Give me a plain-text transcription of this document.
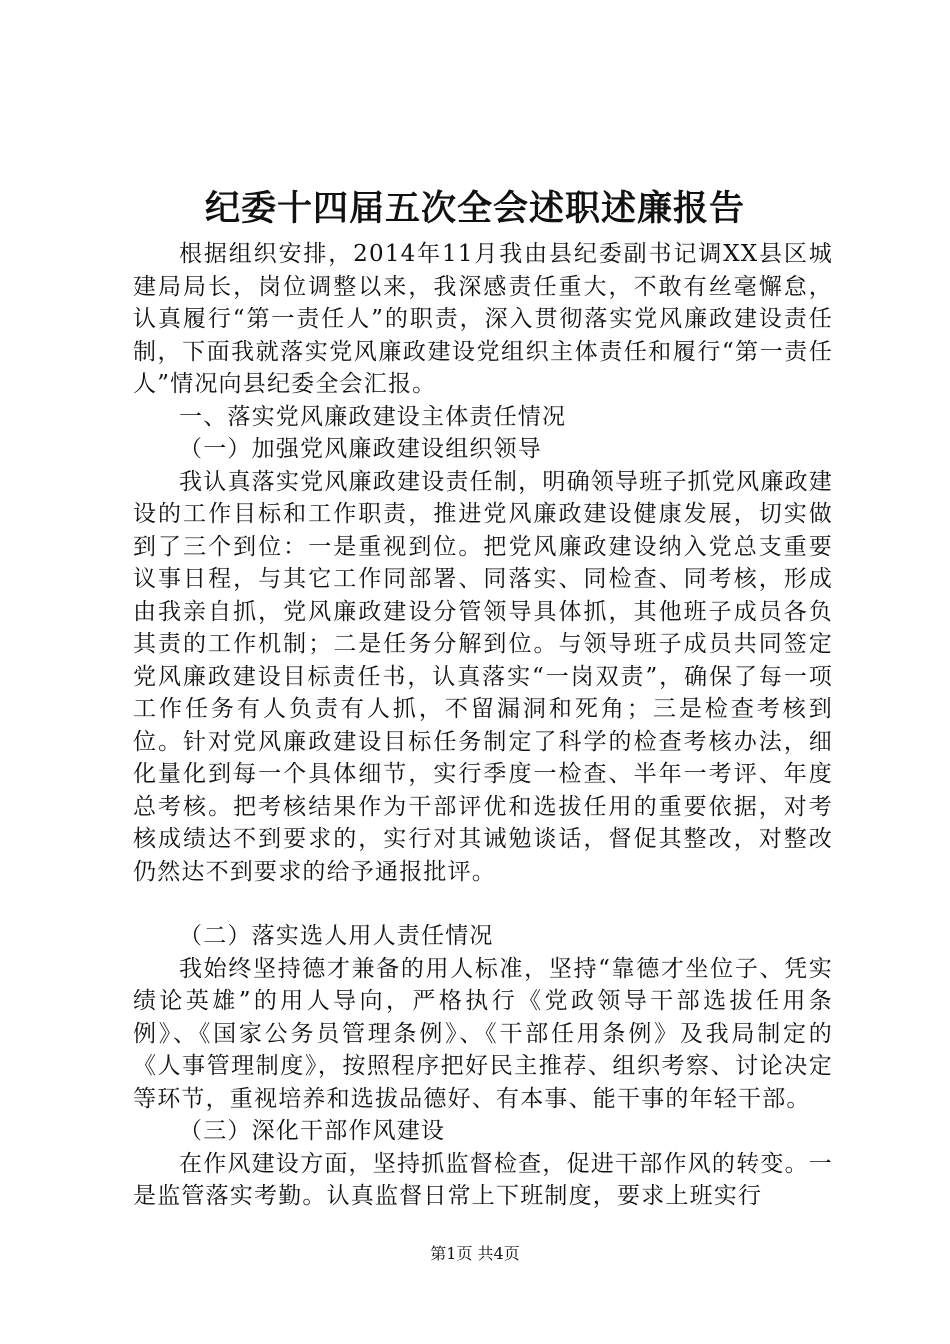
纪委十四届五次全会述职述廉报告

根据组织安排，2014年11月我由县纪委副书记调XX县区城建局局长，岗位调整以来，我深感责任重大，不敢有丝毫懈怠，认真履行“第一责任人”的职责，深入贯彻落实党风廉政建设责任制，下面我就落实党风廉政建设党组织主体责任和履行“第一责任人”情况向县纪委全会汇报。

一、落实党风廉政建设主体责任情况

（一）加强党风廉政建设组织领导

我认真落实党风廉政建设责任制，明确领导班子抓党风廉政建设的工作目标和工作职责，推进党风廉政建设健康发展，切实做到了三个到位：一是重视到位。把党风廉政建设纳入党总支重要议事日程，与其它工作同部署、同落实、同检查、同考核，形成由我亲自抓，党风廉政建设分管领导具体抓，其他班子成员各负其责的工作机制；二是任务分解到位。与领导班子成员共同签定党风廉政建设目标责任书，认真落实“一岗双责”，确保了每一项工作任务有人负责有人抓，不留漏洞和死角；三是检查考核到位。针对党风廉政建设目标任务制定了科学的检查考核办法，细化量化到每一个具体细节，实行季度一检查、半年一考评、年度总考核。把考核结果作为干部评优和选拔任用的重要依据，对考核成绩达不到要求的，实行对其诫勉谈话，督促其整改，对整改仍然达不到要求的给予通报批评。

（二）落实选人用人责任情况

我始终坚持德才兼备的用人标准，坚持“靠德才坐位子、凭实绩论英雄”的用人导向，严格执行《党政领导干部选拔任用条例》、《国家公务员管理条例》、《干部任用条例》及我局制定的《人事管理制度》，按照程序把好民主推荐、组织考察、讨论决定等环节，重视培养和选拔品德好、有本事、能干事的年轻干部。

（三）深化干部作风建设

在作风建设方面，坚持抓监督检查，促进干部作风的转变。一是监管落实考勤。认真监督日常上下班制度，要求上班实行

第1页 共4页
